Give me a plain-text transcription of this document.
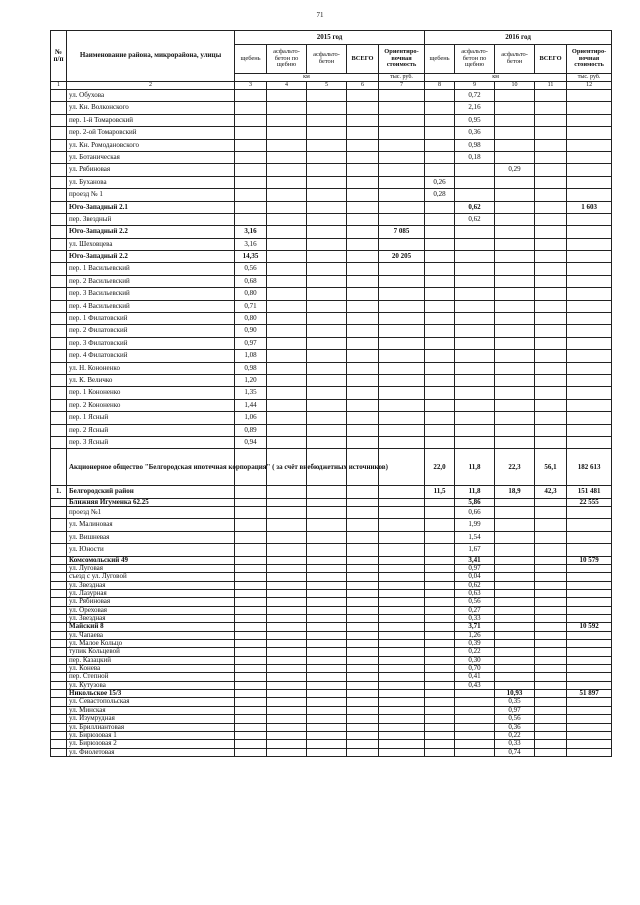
71
№ п/п	Наименование района, микрорайона, улицы	2015 год					2016 год				
		щебень	асфальто-бетон по щебню	асфальто-бетон	ВСЕГО	Ориентиро-вочная стоимость	щебень	асфальто-бетон по щебню	асфальто-бетон	ВСЕГО	Ориентиро-вочная стоимость
		км				тыс. руб.	км				тыс. руб.
1	2	3	4	5	6	7	8	9	10	11	12
	ул. Обухова							0,72			
	ул. Кн. Волконского							2,16			
	пер. 1-й Томаровский							0,95			
	пер. 2-ой Томаровский							0,36			
	ул. Кн. Ромодановского							0,98			
	ул. Ботаническая							0,18			
	ул. Рябиновая								0,29		
	ул. Буханова						0,26				
	проезд № 1						0,28				
	Юго-Западный 2.1							0,62			1 603
	пер. Звездный							0,62			
	Юго-Западный 2.2	3,16				7 085					
	ул. Шеховцева	3,16									
	Юго-Западный 2.2	14,35				20 205					
	пер. 1 Васильевский	0,56									
	пер. 2 Васильевский	0,68									
	пер. 3 Васильевский	0,80									
	пер. 4 Васильевский	0,71									
	пер. 1 Филатовский	0,80									
	пер. 2 Филатовский	0,90									
	пер. 3 Филатовский	0,97									
	пер. 4 Филатовский	1,08									
	ул. Н. Кононенко	0,98									
	ул. К. Величко	1,20									
	пер. 1 Кононенко	1,35									
	пер. 2 Кононенко	1,44									
	пер. 1 Ясный	1,06									
	пер. 2 Ясный	0,89									
	пер. 3 Ясный	0,94									
	Акционерное общество "Белгородская ипотечная корпорация" ( за счёт внебюджетных источников)						22,0	11,8	22,3	56,1	182 613
1.	Белгородский район						11,5	11,8	18,9	42,3	151 481
	Ближняя Игуменка 62.25							5,86			22 555
	проезд №1							0,66			
	ул. Малиновая							1,99			
	ул. Вишневая							1,54			
	ул. Юности							1,67			
	Комсомольский 49							3,41			10 579
	ул. Луговая							0,97			
	съезд с ул. Луговой							0,04			
	ул. Звездная							0,62			
	ул. Лазурная							0,63			
	ул. Рябиновая							0,56			
	ул. Ореховая							0,27			
	ул. Звездная							0,33			
	Майский 8							3,71			10 592
	ул. Чапаева							1,26			
	ул. Малое Кольцо							0,39			
	тупик Кольцевой							0,22			
	пер. Казацкий							0,30			
	ул. Конева							0,70			
	пер. Степной							0,41			
	ул. Кутузова							0,43			
	Никольское 15/3								10,93		51 897
	ул. Севастопольская								0,35		
	ул. Минская								0,97		
	ул. Изумрудная								0,56		
	ул. Бриллиантовая								0,36		
	ул. Бирюзовая 1								0,22		
	ул. Бирюзовая 2								0,33		
	ул. Фиолетовая								0,74		
